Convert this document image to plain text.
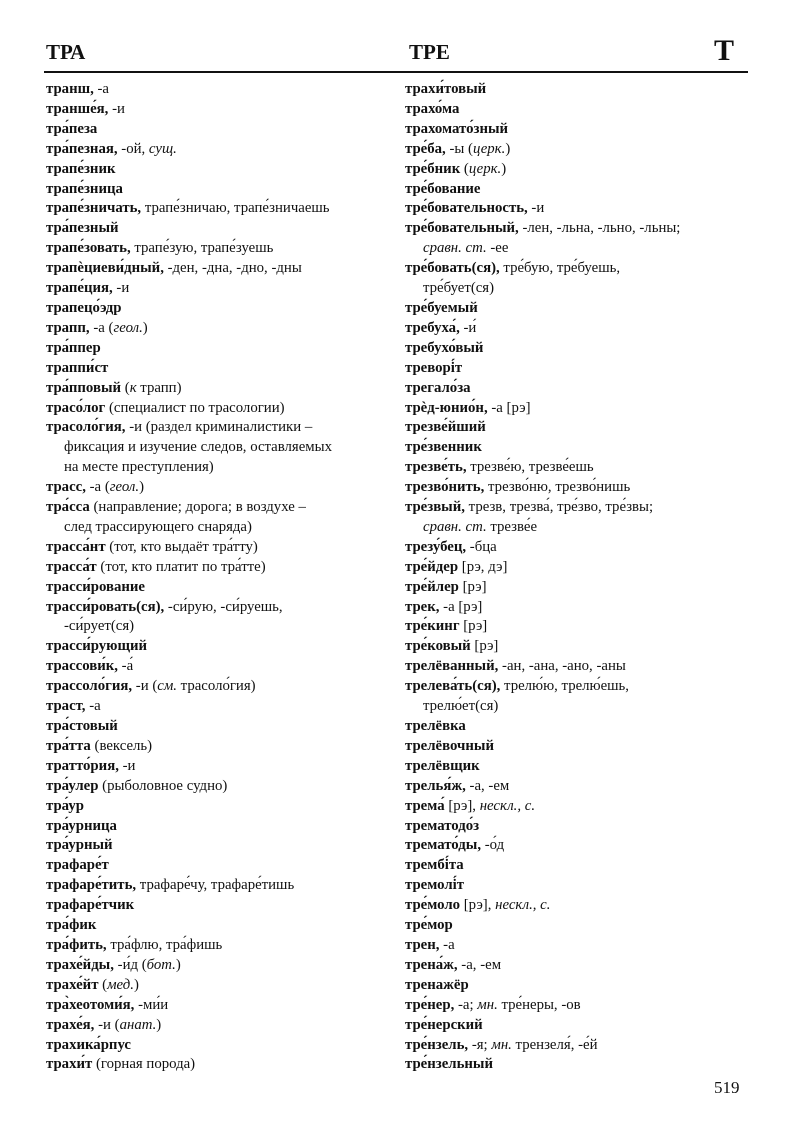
ТРА	ТРЕ	Т
транш, -а
транше́я, -и
тра́пеза
тра́пезная, -ой, сущ.
трапе́зник
трапе́зница
трапе́зничать, трапе́зничаю, трапе́зничаешь
тра́пезный
трапе́зовать, трапе́зую, трапе́зуешь
трапѐциеви́дный, -ден, -дна, -дно, -дны
трапе́ция, -и
трапецо́эдр
трапп, -а (геол.)
тра́ппер
траппи́ст
тра́пповый (к трапп)
трасо́лог (специалист по трасологии)
трасоло́гия, -и (раздел криминалистики –
фиксация и изучение следов, оставляемых
на месте преступления)
трасс, -а (геол.)
тра́сса (направление; дорога; в воздухе –
след трассирующего снаряда)
трасса́нт (тот, кто выдаёт тра́тту)
трасса́т (тот, кто платит по тра́тте)
трасси́рование
трасси́ровать(ся), -си́рую, -си́руешь,
-си́рует(ся)
трасси́рующий
трассови́к, -а́
трассоло́гия, -и (см. трасоло́гия)
траст, -а
тра́стовый
тра́тта (вексель)
тратто́рия, -и
тра́улер (рыболовное судно)
тра́ур
тра́урница
тра́урный
трафаре́т
трафаре́тить, трафаре́чу, трафаре́тишь
трафаре́тчик
тра́фик
тра́фить, тра́флю, тра́фишь
трахе́йды, -и́д (бот.)
трахе́йт (мед.)
тра̀хеотоми́я, -ми́и
трахе́я, -и (анат.)
трахика́рпус
трахи́т (горная порода)
трахи́товый
трахо́ма
трахомато́зный
тре́ба, -ы (церк.)
тре́бник (церк.)
тре́бование
тре́бовательность, -и
тре́бовательный, -лен, -льна, -льно, -льны;
сравн. ст. -ее
тре́бовать(ся), тре́бую, тре́буешь,
тре́бует(ся)
тре́буемый
требуха́, -и́
требухо́вый
треворі́т
трегало́за
трѐд-юнио́н, -а [рэ]
трезве́йший
тре́звенник
трезве́ть, трезве́ю, трезве́ешь
трезво́нить, трезво́ню, трезво́нишь
тре́звый, трезв, трезва́, тре́зво, тре́звы;
сравн. ст. трезве́е
трезу́бец, -бца
тре́йдер [рэ, дэ]
тре́йлер [рэ]
трек, -а [рэ]
тре́кинг [рэ]
тре́ковый [рэ]
трелёванный, -ан, -ана, -ано, -аны
трелева́ть(ся), трелю́ю, трелю́ешь,
трелю́ет(ся)
трелёвка
трелёвочный
трелёвщик
трелья́ж, -а, -ем
трема́ [рэ], нескл., с.
трематодо́з
тремато́ды, -о́д
трембі́та
тремолі́т
тре́моло [рэ], нескл., с.
тре́мор
трен, -а
трена́ж, -а, -ем
тренажёр
тре́нер, -а; мн. тре́неры, -ов
тре́нерский
тре́нзель, -я; мн. трензеля́, -е́й
тре́нзельный
519
